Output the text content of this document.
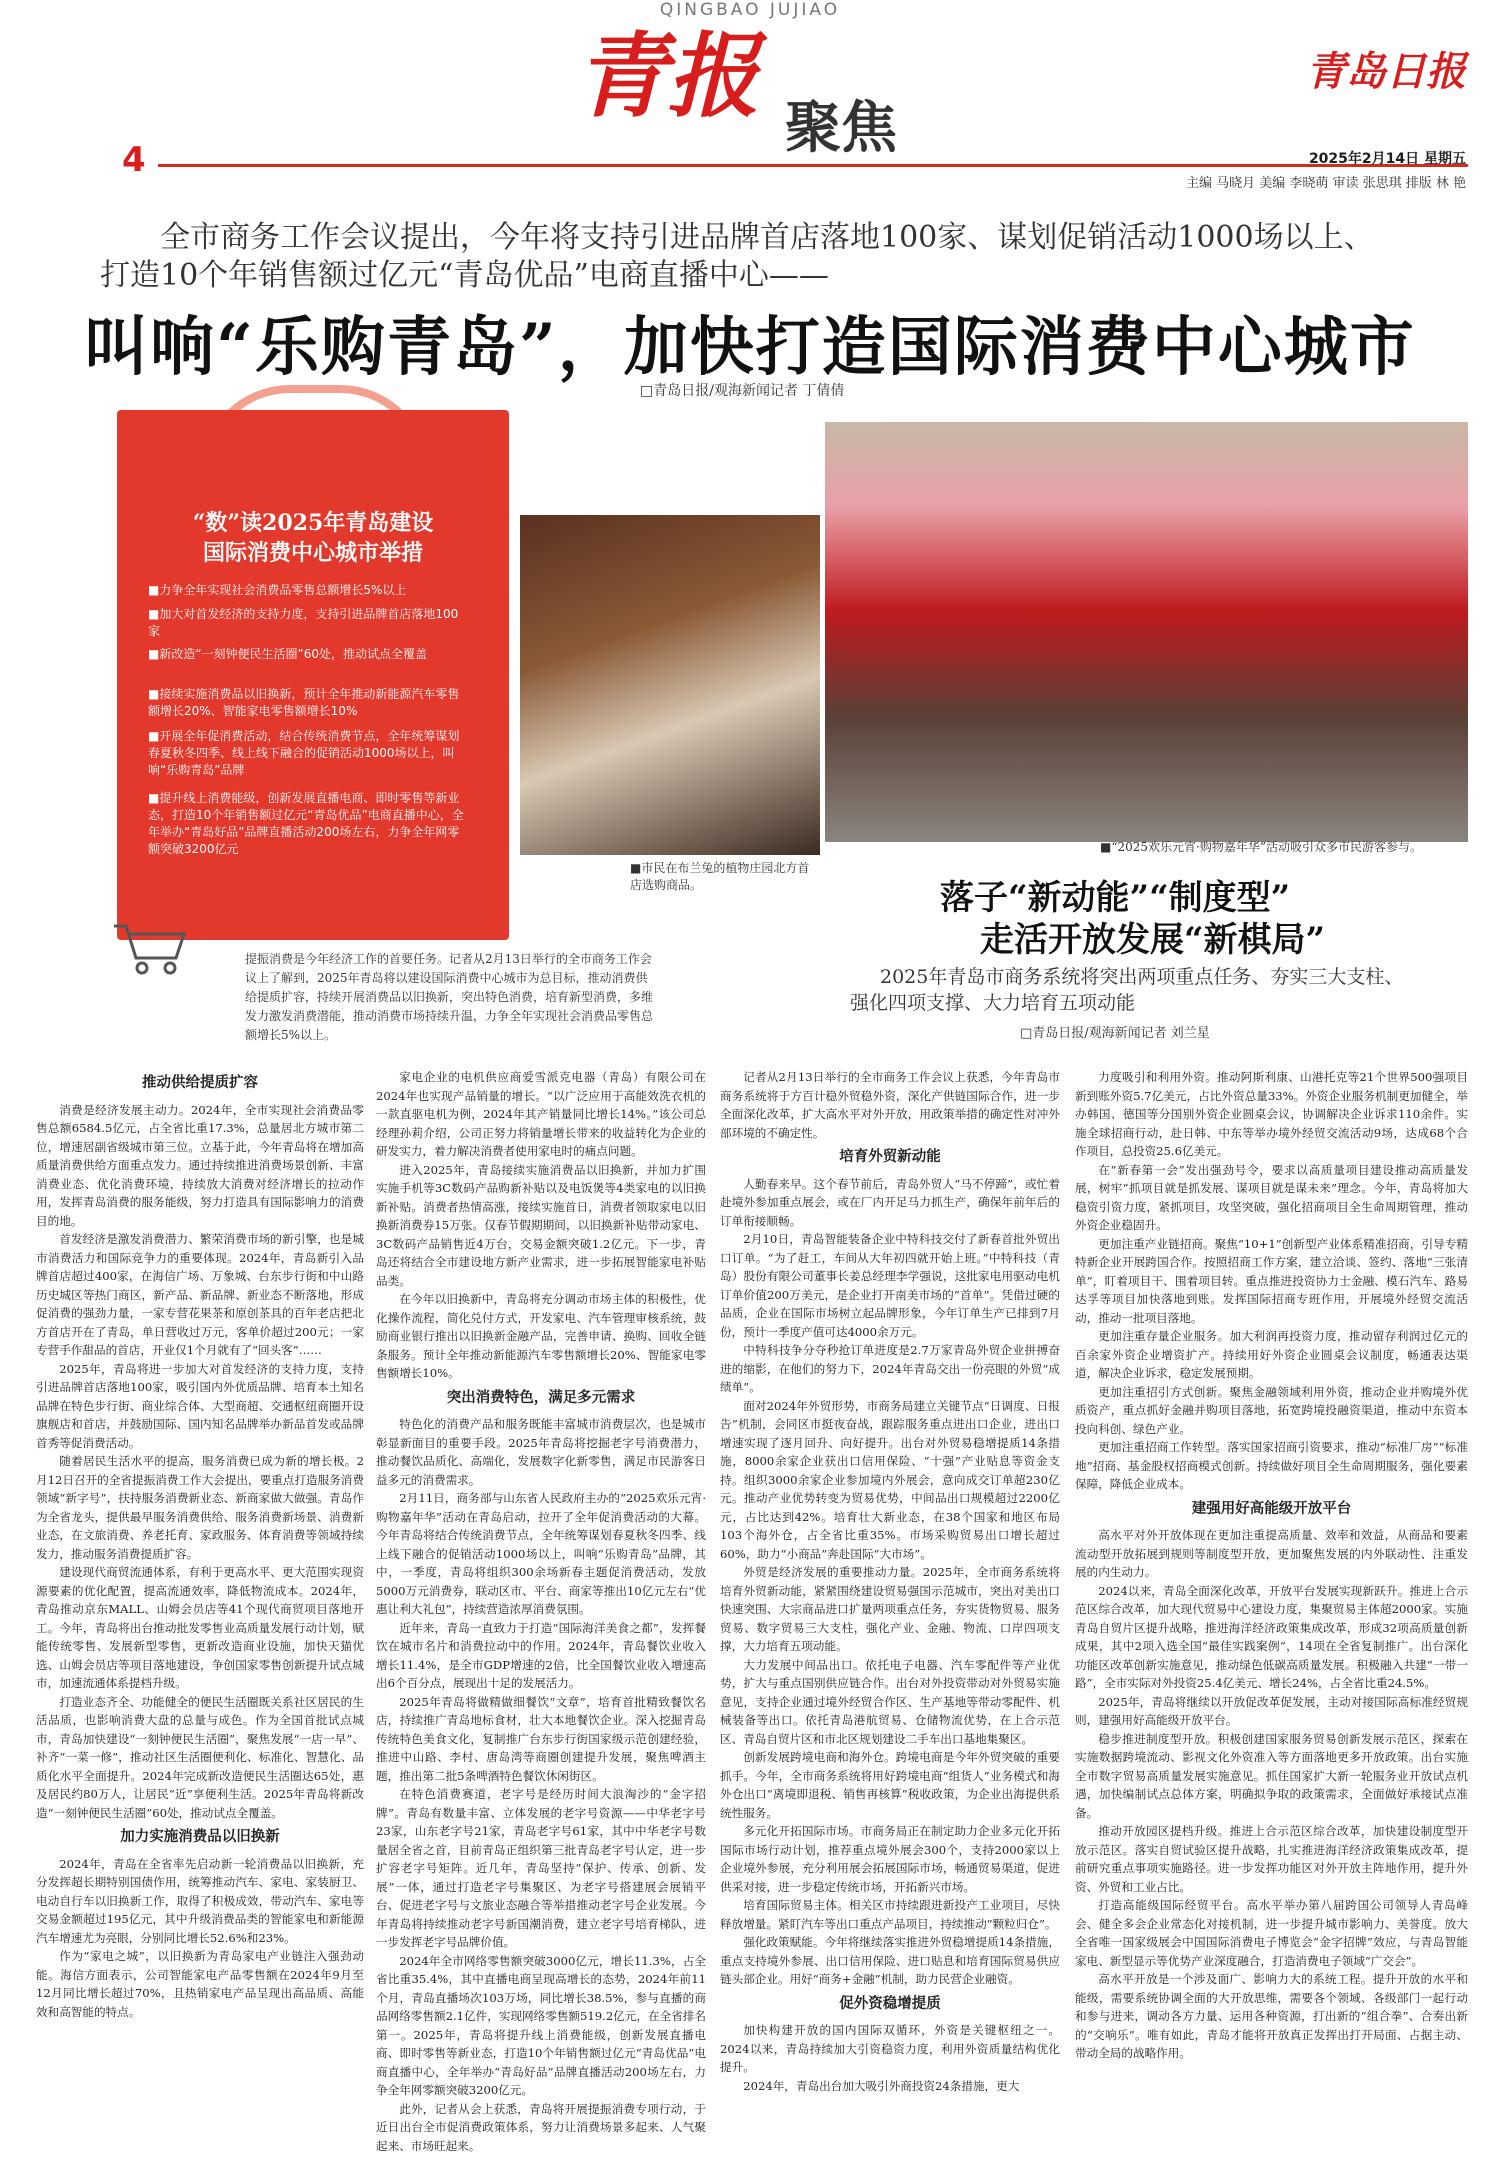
QINGBAO JUJIAO
青报 聚焦
青岛日报
4	2025年2月14日 星期五
主编 马晓月 美编 李晓萌 审读 张思琪 排版 林 艳
全市商务工作会议提出，今年将支持引进品牌首店落地100家、谋划促销活动1000场以上、
打造10个年销售额过亿元“青岛优品”电商直播中心——
叫响“乐购青岛”，加快打造国际消费中心城市
□青岛日报/观海新闻记者 丁倩倩
“数”读2025年青岛建设
国际消费中心城市举措
■力争全年实现社会消费品零售总额增长5%以上
■加大对首发经济的支持力度，支持引进品牌首店落地100家
■新改造“一刻钟便民生活圈”60处，推动试点全覆盖
■接续实施消费品以旧换新，预计全年推动新能源汽车零售额增长20%、智能家电零售额增长10%
■开展全年促消费活动，结合传统消费节点，全年统筹谋划春夏秋冬四季、线上线下融合的促销活动1000场以上，叫响“乐购青岛”品牌
■提升线上消费能级，创新发展直播电商、即时零售等新业态，打造10个年销售额过亿元“青岛优品”电商直播中心，全年举办“青岛好品”品牌直播活动200场左右，力争全年网零额突破3200亿元
■市民在布兰兔的植物庄园北方首店选购商品。
■“2025欢乐元宵·购物嘉年华”活动吸引众多市民游客参与。
提振消费是今年经济工作的首要任务。记者从2月13日举行的全市商务工作会议上了解到，2025年青岛将以建设国际消费中心城市为总目标，推动消费供给提质扩容，持续开展消费品以旧换新，突出特色消费，培育新型消费，多维发力激发消费潜能，推动消费市场持续升温，力争全年实现社会消费品零售总额增长5%以上。
落子“新动能”“制度型”
走活开放发展“新棋局”
2025年青岛市商务系统将突出两项重点任务、夯实三大支柱、
强化四项支撑、大力培育五项动能
□青岛日报/观海新闻记者 刘兰星

推动供给提质扩容

消费是经济发展主动力。2024年，全市实现社会消费品零售总额6584.5亿元，占全省比重17.3%，总量居北方城市第二位，增速居副省级城市第三位。立基于此，今年青岛将在增加高质量消费供给方面重点发力。通过持续推进消费场景创新、丰富消费业态、优化消费环境，持续放大消费对经济增长的拉动作用，发挥青岛消费的服务能级，努力打造具有国际影响力的消费目的地。

首发经济是激发消费潜力、繁荣消费市场的新引擎，也是城市消费活力和国际竞争力的重要体现。2024年，青岛新引入品牌首店超过400家，在海信广场、万象城、台东步行街和中山路历史城区等热门商区，新产品、新品牌、新业态不断落地，形成促消费的强劲力量，一家专营花果茶和原创茶具的百年老店把北方首店开在了青岛，单日营收过万元，客单价超过200元；一家专营手作甜品的首店，开业仅1个月就有了“回头客”……

2025年，青岛将进一步加大对首发经济的支持力度，支持引进品牌首店落地100家，吸引国内外优质品牌、培育本土知名品牌在特色步行街、商业综合体、大型商超、交通枢纽商圈开设旗舰店和首店，并鼓励国际、国内知名品牌举办新品首发或品牌首秀等促消费活动。

随着居民生活水平的提高，服务消费已成为新的增长极。2月12日召开的全省提振消费工作大会提出，要重点打造服务消费领域“新字号”，扶持服务消费新业态、新商家做大做强。青岛作为全省龙头，提供最早服务消费供给、服务消费新场景、消费新业态，在文旅消费、养老托育、家政服务、体育消费等领域持续发力，推动服务消费提质扩容。

建设现代商贸流通体系，有利于更高水平、更大范围实现资源要素的优化配置，提高流通效率，降低物流成本。2024年，青岛推动京东MALL、山姆会员店等41个现代商贸项目落地开工。今年，青岛将出台推动批发零售业高质量发展行动计划，赋能传统零售、发展新型零售，更新改造商业设施，加快天猫优选、山姆会员店等项目落地建设，争创国家零售创新提升试点城市，加速流通体系提档升级。

打造业态齐全、功能健全的便民生活圈既关系社区居民的生活品质，也影响消费大盘的总量与成色。作为全国首批试点城市，青岛加快建设“一刻钟便民生活圈”，聚焦发展“一店一早”、补齐“一菜一修”，推动社区生活圈便利化、标准化、智慧化、品质化水平全面提升。2024年完成新改造便民生活圈达65处，惠及居民约80万人，让居民“近”享便利生活。2025年青岛将新改造“一刻钟便民生活圈”60处，推动试点全覆盖。

加力实施消费品以旧换新

2024年，青岛在全省率先启动新一轮消费品以旧换新，充分发挥超长期特别国债作用，统筹推动汽车、家电、家装厨卫、电动自行车以旧换新工作，取得了积极成效，带动汽车、家电等交易金额超过195亿元，其中升级消费品类的智能家电和新能源汽车增速尤为亮眼，分别同比增长52.6%和23%。

作为“家电之城”，以旧换新为青岛家电产业链注入强劲动能。海信方面表示，公司智能家电产品零售额在2024年9月至12月同比增长超过70%，且热销家电产品呈现出高品质、高能效和高智能的特点。

家电企业的电机供应商爱雪派克电器（青岛）有限公司在2024年也实现产品销量的增长。“以广泛应用于高能效洗衣机的一款直驱电机为例，2024年其产销量同比增长14%。”该公司总经理孙莉介绍，公司正努力将销量增长带来的收益转化为企业的研发实力，着力解决消费者使用家电时的痛点问题。

进入2025年，青岛接续实施消费品以旧换新，并加力扩围实施手机等3C数码产品购新补贴以及电饭煲等4类家电的以旧换新补贴。消费者热情高涨，接续实施首日，消费者领取家电以旧换新消费券15万张。仅春节假期期间，以旧换新补贴带动家电、3C数码产品销售近4万台，交易金额突破1.2亿元。下一步，青岛还将结合全市建设地方新产业需求，进一步拓展智能家电补贴品类。

在今年以旧换新中，青岛将充分调动市场主体的积极性，优化操作流程，简化兑付方式，开发家电、汽车管理审核系统，鼓励商业银行推出以旧换新金融产品，完善申请、换购、回收全链条服务。预计全年推动新能源汽车零售额增长20%、智能家电零售额增长10%。

突出消费特色，满足多元需求

特色化的消费产品和服务既能丰富城市消费层次，也是城市彰显新面目的重要手段。2025年青岛将挖掘老字号消费潜力，推动餐饮品质化、高端化，发展数字化新零售，满足市民游客日益多元的消费需求。

2月11日，商务部与山东省人民政府主办的“2025欢乐元宵·购物嘉年华”活动在青岛启动，拉开了全年促消费活动的大幕。今年青岛将结合传统消费节点，全年统筹谋划春夏秋冬四季、线上线下融合的促销活动1000场以上，叫响“乐购青岛”品牌，其中，一季度，青岛将组织300余场新春主题促消费活动，发放5000万元消费券，联动区市、平台、商家等推出10亿元左右“优惠让利大礼包”，持续营造浓厚消费氛围。

近年来，青岛一直致力于打造“国际海洋美食之都”，发挥餐饮在城市名片和消费拉动中的作用。2024年，青岛餐饮业收入增长11.4%，是全市GDP增速的2倍，比全国餐饮业收入增速高出6个百分点，展现出十足的发展活力。

2025年青岛将做精做细餐饮“文章”，培育首批精致餐饮名店，持续推广青岛地标食材，壮大本地餐饮企业。深入挖掘青岛传统特色美食文化，复制推广台东步行街国家级示范创建经验，推进中山路、李村、唐岛湾等商圈创建提升发展，聚焦啤酒主题，推出第二批5条啤酒特色餐饮休闲街区。

在特色消费赛道，老字号是经历时间大浪淘沙的“金字招牌”。青岛有数量丰富、立体发展的老字号资源——中华老字号23家，山东老字号21家，青岛老字号61家，其中中华老字号数量居全省之首，目前青岛正组织第三批青岛老字号认定，进一步扩容老字号矩阵。近几年，青岛坚持“保护、传承、创新、发展”一体，通过打造老字号集聚区、为老字号搭建展会展销平台、促进老字号与文旅业态融合等举措推动老字号企业发展。今年青岛将持续推动老字号新国潮消费，建立老字号培育梯队，进一步发挥老字号品牌价值。

2024年全市网络零售额突破3000亿元，增长11.3%，占全省比重35.4%，其中直播电商呈现高增长的态势，2024年前11个月，青岛直播场次103万场，同比增长38.5%，参与直播的商品网络零售额2.1亿件，实现网络零售额519.2亿元，在全省排名第一。2025年，青岛将提升线上消费能级，创新发展直播电商、即时零售等新业态，打造10个年销售额过亿元“青岛优品”电商直播中心，全年举办“青岛好品”品牌直播活动200场左右，力争全年网零额突破3200亿元。

此外，记者从会上获悉，青岛将开展提振消费专项行动，于近日出台全市促消费政策体系，努力让消费场景多起来、人气聚起来、市场旺起来。

记者从2月13日举行的全市商务工作会议上获悉，今年青岛市商务系统将于方百计稳外贸稳外资，深化产供链国际合作，进一步全面深化改革，扩大高水平对外开放，用政策举措的确定性对冲外部环境的不确定性。

培育外贸新动能

人勤春来早。这个春节前后，青岛外贸人“马不停蹄”，或忙着赴境外参加重点展会，或在厂内开足马力抓生产，确保年前年后的订单衔接顺畅。

2月10日，青岛智能装备企业中特科技交付了新春首批外贸出口订单。“为了赶工，车间从大年初四就开始上班。”中特科技（青岛）股份有限公司董事长姜总经理李学强说，这批家电用驱动电机订单价值200万美元，是企业打开南美市场的“首单”。凭借过硬的品质，企业在国际市场树立起品牌形象，今年订单生产已排到7月份，预计一季度产值可达4000余万元。

中特科技争分夺秒抢订单进度是2.7万家青岛外贸企业拼搏奋进的缩影，在他们的努力下，2024年青岛交出一份亮眼的外贸“成绩单”。

面对2024年外贸形势，市商务局建立关键节点“日调度、日报告”机制，会同区市挺夜奋战，跟踪服务重点进出口企业，进出口增速实现了逐月回升、向好提升。出台对外贸易稳增提质14条措施，8000余家企业获出口信用保险、“十强”产业贴息等资金支持。组织3000余家企业参加境内外展会，意向成交订单超230亿元。推动产业优势转变为贸易优势，中间品出口规模超过2200亿元，占比达到42%。培育壮大新业态，在38个国家和地区布局103个海外仓，占全省比重35%。市场采购贸易出口增长超过60%，助力“小商品”奔赴国际“大市场”。

外贸是经济发展的重要推动力量。2025年，全市商务系统将培育外贸新动能，紧紧围绕建设贸易强国示范城市，突出对美出口快速突围、大宗商品进口扩量两项重点任务，夯实货物贸易、服务贸易、数字贸易三大支柱，强化产业、金融、物流、口岸四项支撑，大力培育五项动能。

大力发展中间品出口。依托电子电器、汽车零配件等产业优势，扩大与重点国别供应链合作。出台对外投资带动对外贸易实施意见，支持企业通过境外经贸合作区、生产基地等带动零配件、机械装备等出口。依托青岛港航贸易、仓储物流优势，在上合示范区、青岛自贸片区和市北区规划建设二手车出口基地集聚区。

创新发展跨境电商和海外仓。跨境电商是今年外贸突破的重要抓手。今年，全市商务系统将用好跨境电商“组货人”业务模式和海外仓出口“离境即退税、销售再核算”税收政策，为企业出海提供系统性服务。

多元化开拓国际市场。市商务局正在制定助力企业多元化开拓国际市场行动计划，推荐重点境外展会300个，支持2000家以上企业境外参展，充分利用展会拓展国际市场，畅通贸易渠道，促进供采对接，进一步稳定传统市场，开拓新兴市场。

培育国际贸易主体。相关区市持续跟进新投产工业项目，尽快释放增量。紧盯汽车等出口重点产品项目，持续推动“颗粒归仓”。

强化政策赋能。今年将继续落实推进外贸稳增提质14条措施，重点支持境外参展、出口信用保险、进口贴息和培育国际贸易供应链头部企业。用好“商务+金融”机制，助力民营企业融资。

促外资稳增提质

加快构建开放的国内国际双循环，外资是关键枢纽之一。2024以来，青岛持续加大引资稳资力度，利用外资质量结构优化提升。

2024年，青岛出台加大吸引外商投资24条措施，更大

力度吸引和利用外资。推动阿斯利康、山港托克等21个世界500强项目新到账外资5.7亿美元，占比外资总量33%。外资企业服务机制更加健全，举办韩国、德国等分国别外资企业圆桌会议，协调解决企业诉求110余件。实施全球招商行动，赴日韩、中东等举办境外经贸交流活动9场，达成68个合作项目，总投资25.6亿美元。

在“新春第一会”发出强劲号令，要求以高质量项目建设推动高质量发展，树牢“抓项目就是抓发展、谋项目就是谋未来”理念。今年，青岛将加大稳资引资力度，紧抓项目，攻坚突破，强化招商项目全生命周期管理，推动外资企业稳固升。

更加注重产业链招商。聚焦“10+1”创新型产业体系精准招商，引导专精特新企业开展跨国合作。按照招商工作方案，建立洽谈、签约、落地“三张清单”，盯着项目干、围着项目转。重点推进投资协力士金融、模石汽车、路易达孚等项目加快落地到账。发挥国际招商专班作用，开展境外经贸交流活动，推动一批项目落地。

更加注重存量企业服务。加大利润再投资力度，推动留存利润过亿元的百余家外资企业增资扩产。持续用好外资企业圆桌会议制度，畅通表达渠道，解决企业诉求，稳定发展预期。

更加注重招引方式创新。聚焦金融领域利用外资，推动企业并购境外优质资产，重点抓好金融并购项目落地，拓宽跨境投融资渠道，推动中东资本投向科创、绿色产业。

更加注重招商工作转型。落实国家招商引资要求，推动“标准厂房”“标准地”招商、基金股权招商模式创新。持续做好项目全生命周期服务，强化要素保障，降低企业成本。

建强用好高能级开放平台

高水平对外开放体现在更加注重提高质量、效率和效益，从商品和要素流动型开放拓展到规则等制度型开放，更加聚焦发展的内外联动性、注重发展的内生动力。

2024以来，青岛全面深化改革，开放平台发展实现新跃升。推进上合示范区综合改革，加大现代贸易中心建设力度，集聚贸易主体超2000家。实施青岛自贸片区提升战略，推进海洋经济政策集成改革，形成32项高质量创新成果，其中2项入选全国“最佳实践案例”，14项在全省复制推广。出台深化功能区改革创新实施意见，推动绿色低碳高质量发展。积极融入共建“一带一路”，全市实际对外投资25.4亿美元、增长24%，占全省比重24.5%。

2025年，青岛将继续以开放促改革促发展，主动对接国际高标准经贸规则，建强用好高能级开放平台。

稳步推进制度型开放。积极创建国家服务贸易创新发展示范区，探索在实施数据跨境流动、影视文化外资准入等方面落地更多开放政策。出台实施全市数字贸易高质量发展实施意见。抓住国家扩大新一轮服务业开放试点机遇，加快编制试点总体方案，明确拟争取的政策需求，全面做好承接试点准备。

推动开放园区提档升级。推进上合示范区综合改革，加快建设制度型开放示范区。落实自贸试验区提升战略，扎实推进海洋经济政策集成改革，提前研究重点事项实施路径。进一步发挥功能区对外开放主阵地作用，提升外资、外贸和工业占比。

打造高能级国际经贸平台。高水平举办第八届跨国公司领导人青岛峰会、健全多会企业常态化对接机制，进一步提升城市影响力、美誉度。放大全省唯一国家级展会中国国际消费电子博览会“金字招牌”效应，与青岛智能家电、新型显示等优势产业深度融合，打造消费电子领域“广交会”。

高水平开放是一个涉及面广、影响力大的系统工程。提升开放的水平和能级，需要系统协调全面的大开放思维，需要各个领域、各级部门一起行动和参与进来，调动各方力量、运用各种资源，打出新的“组合拳”、合奏出新的“交响乐”。唯有如此，青岛才能将开放真正发挥出打开局面、占据主动、带动全局的战略作用。
